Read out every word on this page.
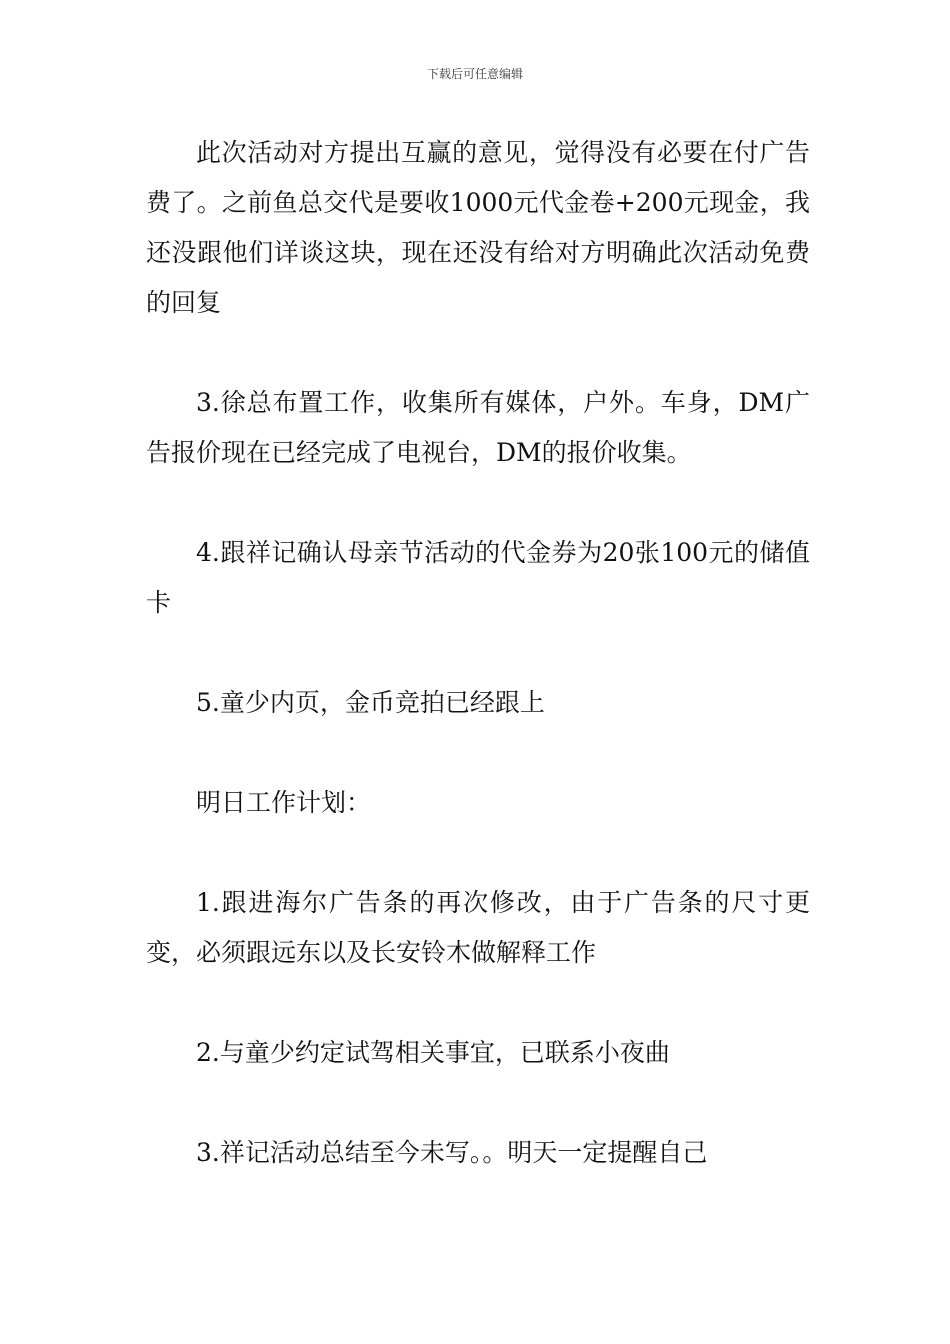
下载后可任意编辑

此次活动对方提出互赢的意见，觉得没有必要在付广告费了。之前鱼总交代是要收1000元代金卷+200元现金，我还没跟他们详谈这块，现在还没有给对方明确此次活动免费的回复

3.徐总布置工作，收集所有媒体，户外。车身，DM广告报价现在已经完成了电视台，DM的报价收集。

4.跟祥记确认母亲节活动的代金券为20张100元的储值卡

5.童少内页，金币竞拍已经跟上

明日工作计划：

1.跟进海尔广告条的再次修改，由于广告条的尺寸更变，必须跟远东以及长安铃木做解释工作

2.与童少约定试驾相关事宜，已联系小夜曲

3.祥记活动总结至今未写。。明天一定提醒自己
